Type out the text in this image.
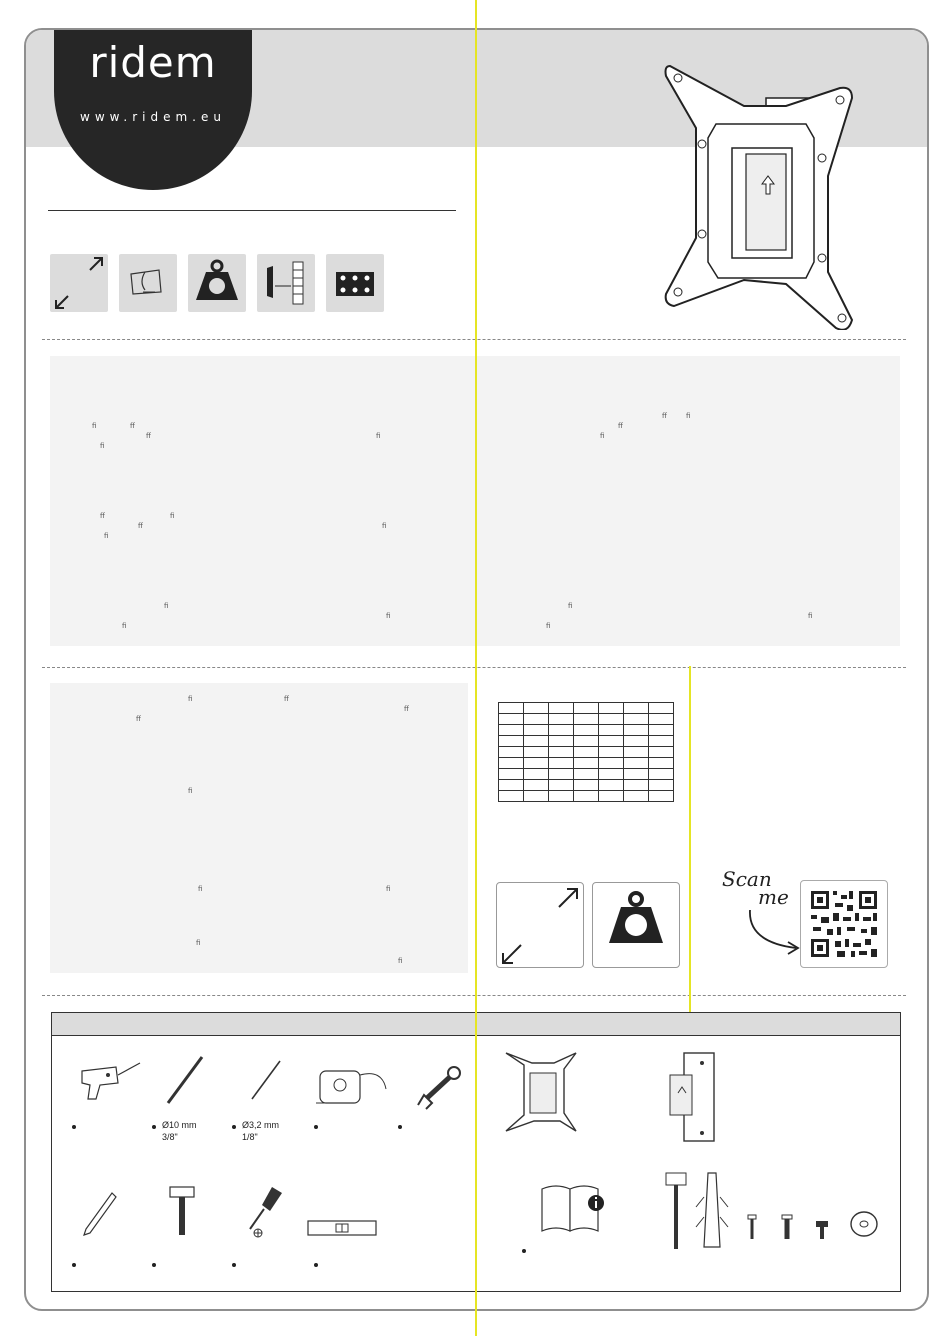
ridem
www.ridem.eu
ﬁ	ﬀ
ﬀ	ﬁ
ﬁ
ﬀ	ﬁ
ﬀ	ﬁ
ﬁ
ﬁ
ﬁ
ﬁ
ﬀ	ﬁ
ﬀ
ﬁ
ﬁ
ﬁ
ﬁ
ﬁ	ﬀ
ﬀ
ﬀ
ﬁ
ﬁ	ﬁ
ﬁ
ﬁ

Scan
me
Ø10 mm
3/8"
Ø3,2 mm
1/8"
